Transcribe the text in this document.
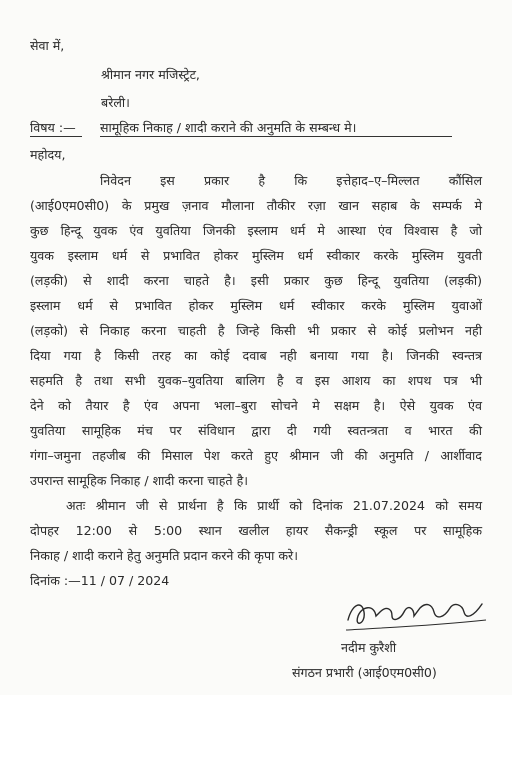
सेवा में,
श्रीमान नगर मजिस्ट्रेट,
बरेली।
विषय :— सामूहिक निकाह / शादी कराने की अनुमति के सम्बन्ध मे।
महोदय,
निवेदन इस प्रकार है कि इत्तेहाद–ए–मिल्लत कौंसिल
(आई0एम0सी0) के प्रमुख ज़नाव मौलाना तौकीर रज़ा खान सहाब के सम्पर्क मे
कुछ हिन्दू युवक एंव युवतिया जिनकी इस्लाम धर्म मे आस्था एंव विश्वास है जो
युवक इस्लाम धर्म से प्रभावित होकर मुस्लिम धर्म स्वीकार करके मुस्लिम युवती
(लड़की) से शादी करना चाहते है। इसी प्रकार कुछ हिन्दू युवतिया (लड़की)
इस्लाम धर्म से प्रभावित होकर मुस्लिम धर्म स्वीकार करके मुस्लिम युवाओं
(लड़को) से निकाह करना चाहती है जिन्हे किसी भी प्रकार से कोई प्रलोभन नही
दिया गया है किसी तरह का कोई दवाब नही बनाया गया है। जिनकी स्वन्तत्र
सहमति है तथा सभी युवक–युवतिया बालिग है व इस आशय का शपथ पत्र भी
देने को तैयार है एंव अपना भला–बुरा सोचने मे सक्षम है। ऐसे युवक एंव
युवतिया सामूहिक मंच पर संविधान द्वारा दी गयी स्वतन्त्रता व भारत की
गंगा–जमुना तहजीब की मिसाल पेश करते हुए श्रीमान जी की अनुमति / आर्शीवाद
उपरान्त सामूहिक निकाह / शादी करना चाहते है।
अतः श्रीमान जी से प्रार्थना है कि प्रार्थी को दिनांक 21.07.2024 को समय
दोपहर 12:00 से 5:00 स्थान खलील हायर सैकन्ड्री स्कूल पर सामूहिक
निकाह / शादी कराने हेतु अनुमति प्रदान करने की कृपा करे।
दिनांक :—11 / 07 / 2024
नदीम कुरैशी
संगठन प्रभारी (आई0एम0सी0)
